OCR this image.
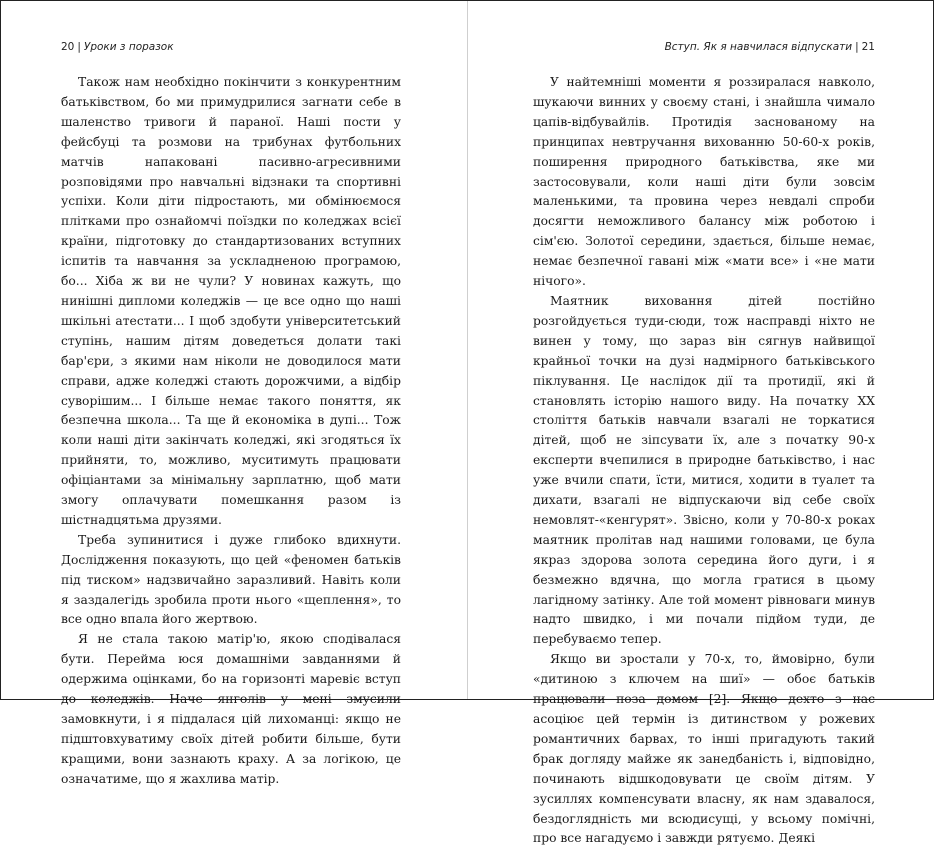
20 | Уроки з поразок

Також нам необхідно покінчити з конкурентним батьківством, бо ми примудрилися загнати себе в шаленство тривоги й параної. Наші пости у фейсбуці та розмови на трибунах футбольних матчів напаковані пасивно-агресивними розповідями про навчальні відзнаки та спортивні успіхи. Коли діти підростають, ми обмінюємося плітками про ознайомчі поїздки по коледжах всієї країни, підготовку до стандартизованих вступних іспитів та навчання за ускладненою програмою, бо... Хіба ж ви не чули? У новинах кажуть, що нинішні дипломи коледжів — це все одно що наші шкільні атестати... І щоб здобути університетський ступінь, нашим дітям доведеться долати такі бар'єри, з якими нам ніколи не доводилося мати справи, адже коледжі стають дорожчими, а відбір суворішим... І більше немає такого поняття, як безпечна школа... Та ще й економіка в дупі... Тож коли наші діти закінчать коледжі, які згодяться їх прийняти, то, можливо, муситимуть працювати офіціантами за мінімальну зарплатню, щоб мати змогу оплачувати помешкання разом із шістнадцятьма друзями.

Треба зупинитися і дуже глибоко вдихнути. Дослідження показують, що цей «феномен батьків під тиском» надзвичайно заразливий. Навіть коли я заздалегідь зробила проти нього «щеплення», то все одно впала його жертвою.

Я не стала такою матір'ю, якою сподівалася бути. Перейма юся домашніми завданнями й одержима оцінками, бо на горизонті маревіє вступ до коледжів. Наче янголів у мені змусили замовкнути, і я піддалася цій лихоманці: якщо не підштовхуватиму своїх дітей робити більше, бути кращими, вони зазнають краху. А за логікою, це означатиме, що я жахлива матір.

Вступ. Як я навчилася відпускати | 21

У найтемніші моменти я роззиралася навколо, шукаючи винних у своєму стані, і знайшла чимало цапів-відбувайлів. Протидія заснованому на принципах невтручання вихованню 50-60-х років, поширення природного батьківства, яке ми застосовували, коли наші діти були зовсім маленькими, та провина через невдалі спроби досягти неможливого балансу між роботою і сім'єю. Золотої середини, здається, більше немає, немає безпечної гавані між «мати все» і «не мати нічого».

Маятник виховання дітей постійно розгойдується туди-сюди, тож насправді ніхто не винен у тому, що зараз він сягнув найвищої крайньої точки на дузі надмірного батьківського піклування. Це наслідок дії та протидії, які й становлять історію нашого виду. На початку XX століття батьків навчали взагалі не торкатися дітей, щоб не зіпсувати їх, але з початку 90-х експерти вчепилися в природне батьківство, і нас уже вчили спати, їсти, митися, ходити в туалет та дихати, взагалі не відпускаючи від себе своїх немовлят-«кенгурят». Звісно, коли у 70-80-х роках маятник пролітав над нашими головами, це була якраз здорова золота середина його дуги, і я безмежно вдячна, що могла гратися в цьому лагідному затінку. Але той момент рівноваги минув надто швидко, і ми почали підйом туди, де перебуваємо тепер.

Якщо ви зростали у 70-х, то, ймовірно, були «дитиною з ключем на шиї» — обоє батьків працювали поза домом [2]. Якщо дехто з нас асоціює цей термін із дитинством у рожевих романтичних барвах, то інші пригадують такий брак догляду майже як занедбаність і, відповідно, починають відшкодовувати це своїм дітям. У зусиллях компенсувати власну, як нам здавалося, бездоглядність ми всюдисущі, у всьому помічні, про все нагадуємо і завжди рятуємо. Деякі
